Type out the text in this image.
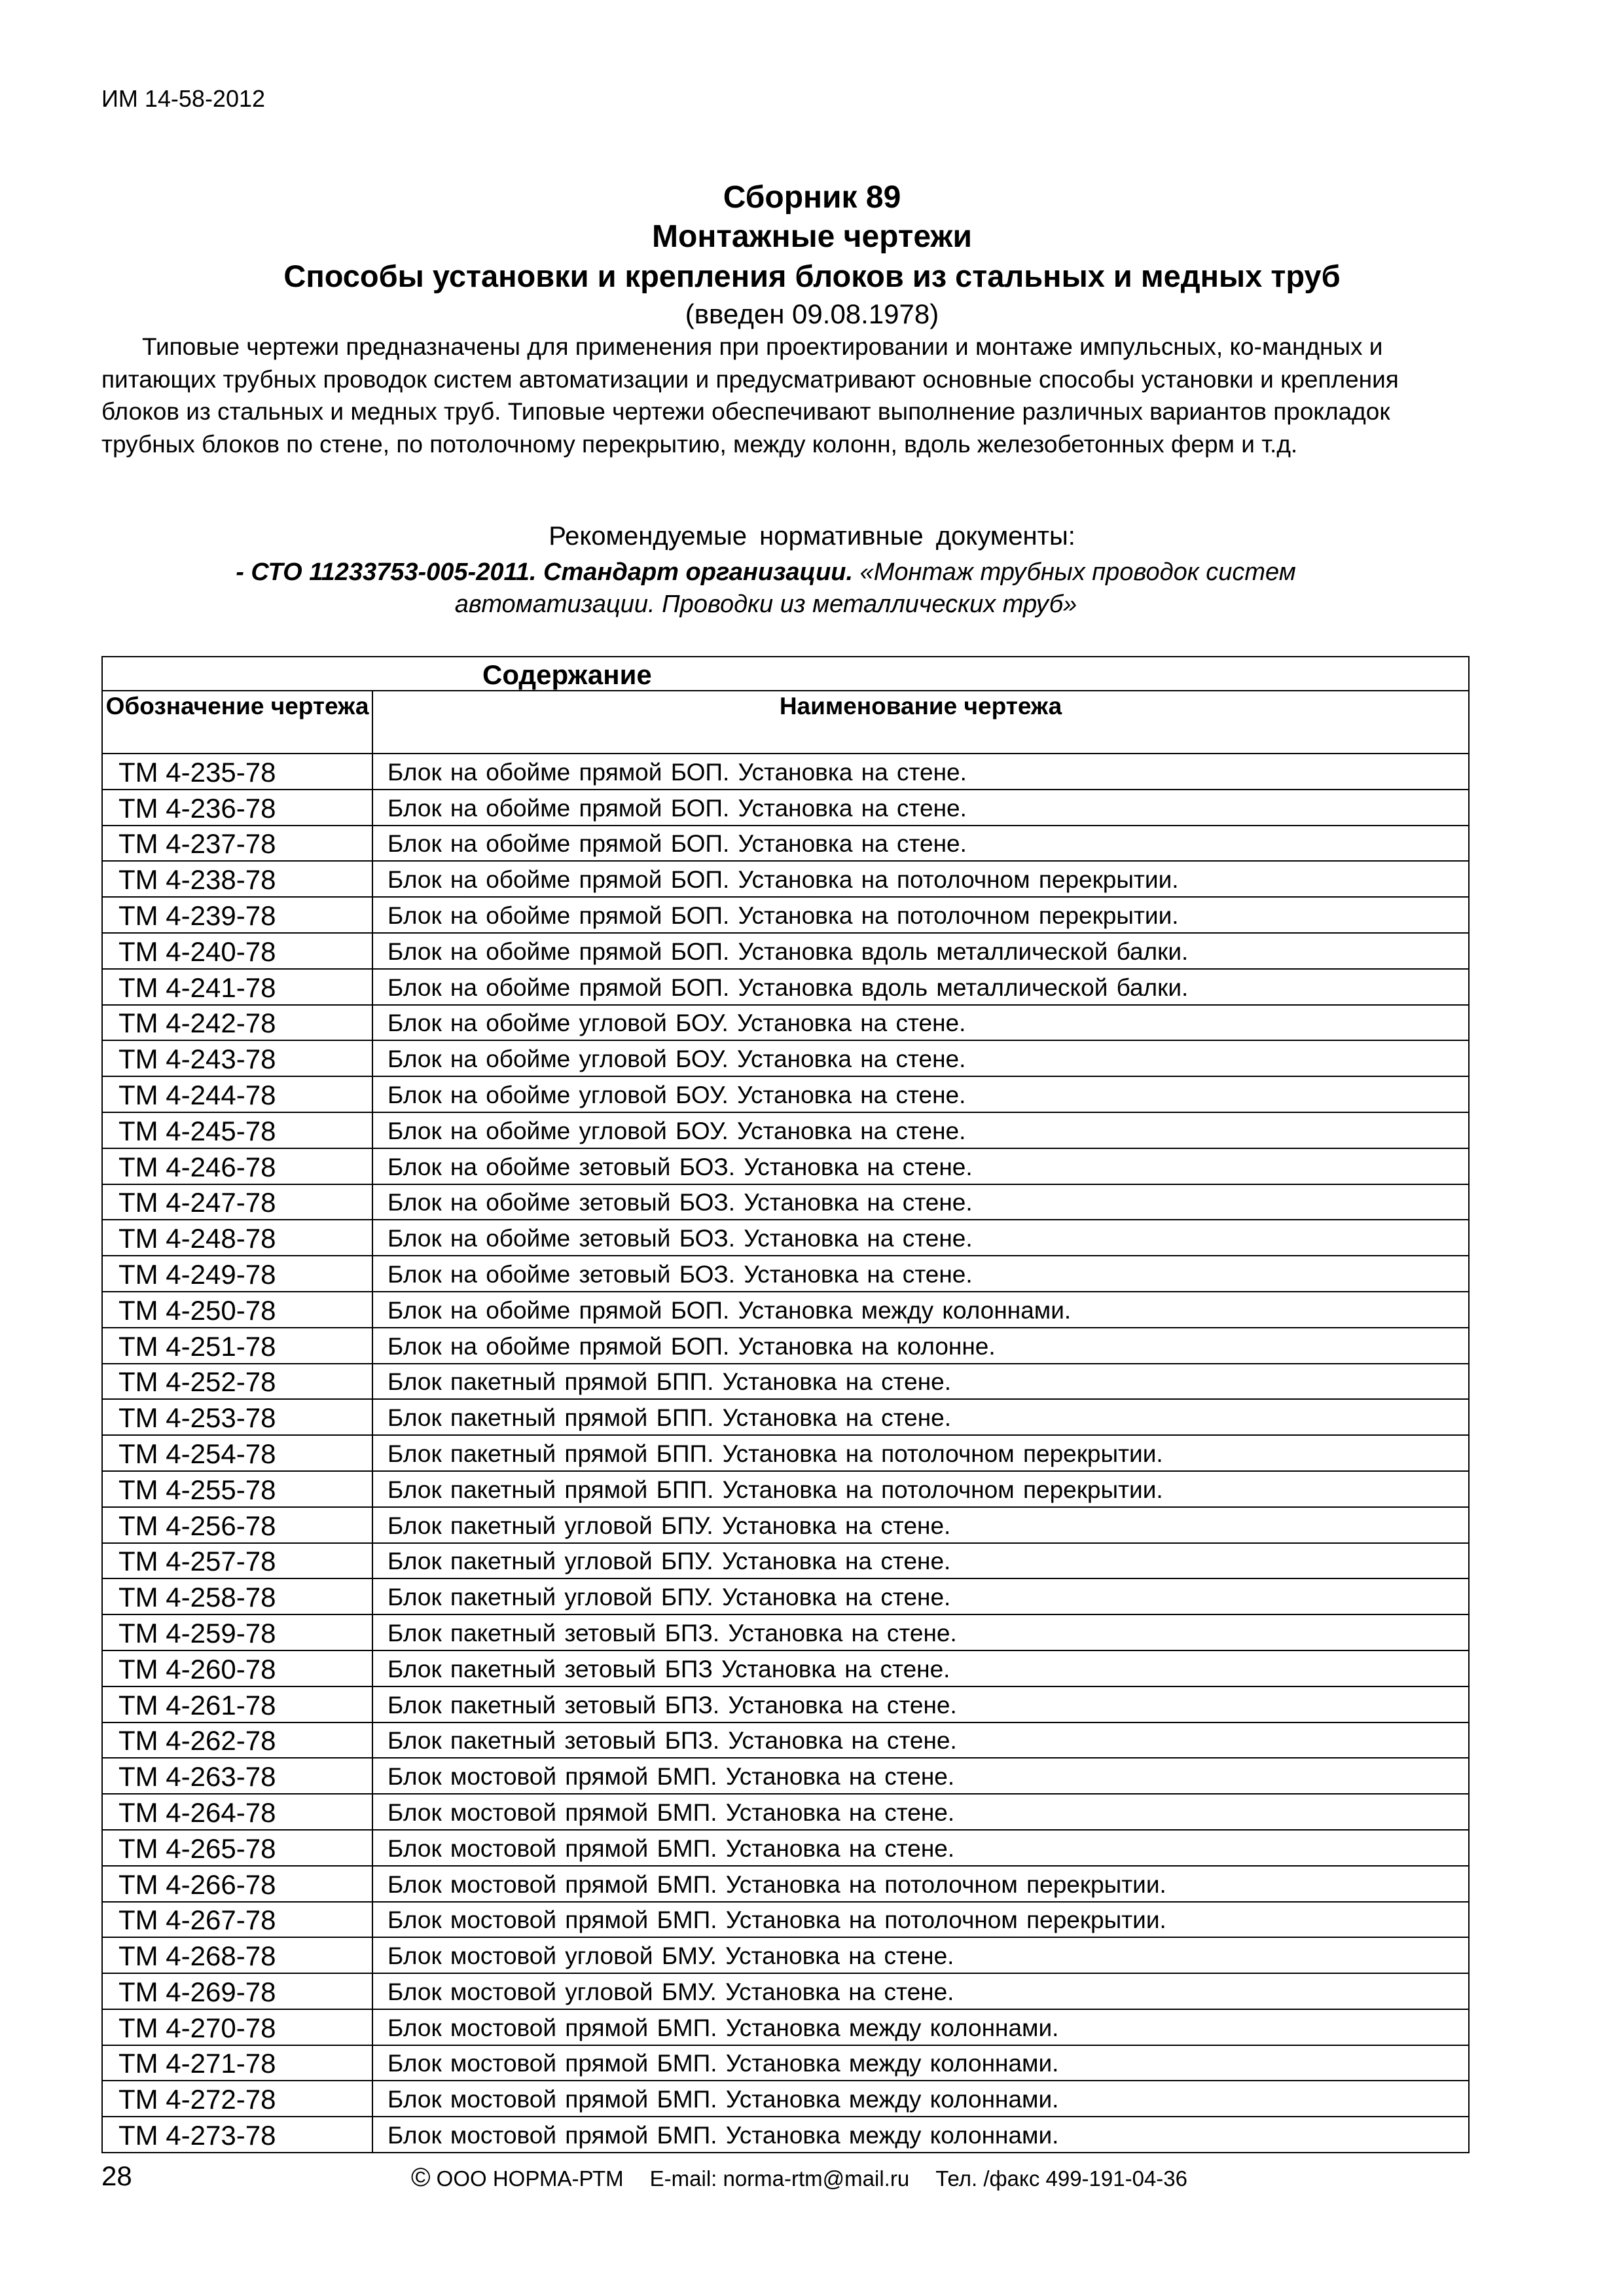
ИМ 14-58-2012
Сборник 89
Монтажные чертежи
Способы установки и крепления блоков из стальных и медных труб
(введен 09.08.1978)
Типовые чертежи предназначены для применения при проектировании и монтаже импульсных, ко-мандных и питающих трубных проводок систем автоматизации и предусматривают основные способы установки и крепления блоков из стальных и медных труб. Типовые чертежи обеспечивают выполнение различных вариантов прокладок трубных блоков по стене, по потолочному перекрытию, между колонн, вдоль железобетонных ферм и т.д.
Рекомендуемые нормативные документы:
- СТО 11233753-005-2011. Стандарт организации. «Монтаж трубных проводок систем автоматизации. Проводки из металлических труб»
Содержание	
Обозначение чертежа	Наименование чертежа
ТМ 4-235-78	Блок на обойме прямой БОП. Установка на стене.
ТМ 4-236-78	Блок на обойме прямой БОП. Установка на стене.
ТМ 4-237-78	Блок на обойме прямой БОП. Установка на стене.
ТМ 4-238-78	Блок на обойме прямой БОП. Установка на потолочном перекрытии.
ТМ 4-239-78	Блок на обойме прямой БОП. Установка на потолочном перекрытии.
ТМ 4-240-78	Блок на обойме прямой БОП. Установка вдоль металлической балки.
ТМ 4-241-78	Блок на обойме прямой БОП. Установка вдоль металлической балки.
ТМ 4-242-78	Блок на обойме угловой БОУ. Установка на стене.
ТМ 4-243-78	Блок на обойме угловой БОУ. Установка на стене.
ТМ 4-244-78	Блок на обойме угловой БОУ. Установка на стене.
ТМ 4-245-78	Блок на обойме угловой БОУ. Установка на стене.
ТМ 4-246-78	Блок на обойме зетовый БОЗ. Установка на стене.
ТМ 4-247-78	Блок на обойме зетовый БОЗ. Установка на стене.
ТМ 4-248-78	Блок на обойме зетовый БОЗ. Установка на стене.
ТМ 4-249-78	Блок на обойме зетовый БОЗ. Установка на стене.
ТМ 4-250-78	Блок на обойме прямой БОП. Установка между колоннами.
ТМ 4-251-78	Блок на обойме прямой БОП. Установка на колонне.
ТМ 4-252-78	Блок пакетный прямой БПП. Установка на стене.
ТМ 4-253-78	Блок пакетный прямой БПП. Установка на стене.
ТМ 4-254-78	Блок пакетный прямой БПП. Установка на потолочном перекрытии.
ТМ 4-255-78	Блок пакетный прямой БПП. Установка на потолочном перекрытии.
ТМ 4-256-78	Блок пакетный угловой БПУ. Установка на стене.
ТМ 4-257-78	Блок пакетный угловой БПУ. Установка на стене.
ТМ 4-258-78	Блок пакетный угловой БПУ. Установка на стене.
ТМ 4-259-78	Блок пакетный зетовый БПЗ. Установка на стене.
ТМ 4-260-78	Блок пакетный зетовый БПЗ Установка на стене.
ТМ 4-261-78	Блок пакетный зетовый БПЗ. Установка на стене.
ТМ 4-262-78	Блок пакетный зетовый БПЗ. Установка на стене.
ТМ 4-263-78	Блок мостовой прямой БМП. Установка на стене.
ТМ 4-264-78	Блок мостовой прямой БМП. Установка на стене.
ТМ 4-265-78	Блок мостовой прямой БМП. Установка на стене.
ТМ 4-266-78	Блок мостовой прямой БМП. Установка на потолочном перекрытии.
ТМ 4-267-78	Блок мостовой прямой БМП. Установка на потолочном перекрытии.
ТМ 4-268-78	Блок мостовой угловой БМУ. Установка на стене.
ТМ 4-269-78	Блок мостовой угловой БМУ. Установка на стене.
ТМ 4-270-78	Блок мостовой прямой БМП. Установка между колоннами.
ТМ 4-271-78	Блок мостовой прямой БМП. Установка между колоннами.
ТМ 4-272-78	Блок мостовой прямой БМП. Установка между колоннами.
ТМ 4-273-78	Блок мостовой прямой БМП. Установка между колоннами.
28	© ООО НОРМА-РТМ E-mail: norma-rtm@mail.ru Тел. /факс 499-191-04-36
